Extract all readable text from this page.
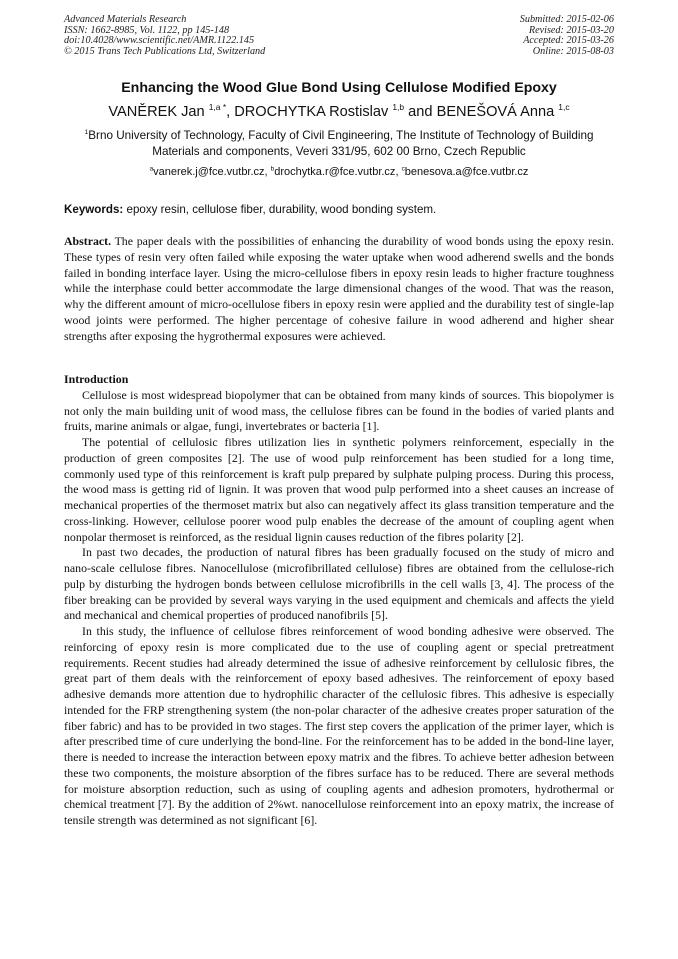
Advanced Materials Research
ISSN: 1662-8985, Vol. 1122, pp 145-148
doi:10.4028/www.scientific.net/AMR.1122.145
© 2015 Trans Tech Publications Ltd, Switzerland
Submitted: 2015-02-06
Revised: 2015-03-20
Accepted: 2015-03-26
Online: 2015-08-03
Enhancing the Wood Glue Bond Using Cellulose Modified Epoxy
VANĚREK Jan $^{1,a *}$, DROCHYTKA Rostislav $^{1,b}$ and BENEŠOVÁ Anna $^{1,c}$
$^1$Brno University of Technology, Faculty of Civil Engineering, The Institute of Technology of Building Materials and components, Veveri 331/95, 602 00 Brno, Czech Republic
$^a$vanerek.j@fce.vutbr.cz, $^b$drochytka.r@fce.vutbr.cz, $^c$benesova.a@fce.vutbr.cz
Keywords: epoxy resin, cellulose fiber, durability, wood bonding system.

Abstract. The paper deals with the possibilities of enhancing the durability of wood bonds using the epoxy resin. These types of resin very often failed while exposing the water uptake when wood adherend swells and the bonds failed in bonding interface layer. Using the micro-cellulose fibers in epoxy resin leads to higher fracture toughness while the interphase could better accommodate the large dimensional changes of the wood. That was the reason, why the different amount of micro-ocellulose fibers in epoxy resin were applied and the durability test of single-lap wood joints were performed. The higher percentage of cohesive failure in wood adherend and higher shear strengths after exposing the hygrothermal exposures were achieved.

Introduction

Cellulose is most widespread biopolymer that can be obtained from many kinds of sources. This biopolymer is not only the main building unit of wood mass, the cellulose fibres can be found in the bodies of varied plants and fruits, marine animals or algae, fungi, invertebrates or bacteria [1].

The potential of cellulosic fibres utilization lies in synthetic polymers reinforcement, especially in the production of green composites [2]. The use of wood pulp reinforcement has been studied for a long time, commonly used type of this reinforcement is kraft pulp prepared by sulphate pulping process. During this process, the wood mass is getting rid of lignin. It was proven that wood pulp performed into a sheet causes an increase of mechanical properties of the thermoset matrix but also can negatively affect its glass transition temperature and the cross-linking. However, cellulose poorer wood pulp enables the decrease of the amount of coupling agent when nonpolar thermoset is reinforced, as the residual lignin causes reduction of the fibres polarity [2].

In past two decades, the production of natural fibres has been gradually focused on the study of micro and nano-scale cellulose fibres. Nanocellulose (microfibrillated cellulose) fibres are obtained from the cellulose-rich pulp by disturbing the hydrogen bonds between cellulose microfibrills in the cell walls [3, 4]. The process of the fiber breaking can be provided by several ways varying in the used equipment and chemicals and affects the yield and mechanical and chemical properties of produced nanofibrils [5].

In this study, the influence of cellulose fibres reinforcement of wood bonding adhesive were observed. The reinforcing of epoxy resin is more complicated due to the use of coupling agent or special pretreatment requirements. Recent studies had already determined the issue of adhesive reinforcement by cellulosic fibres, the great part of them deals with the reinforcement of epoxy based adhesives. The reinforcement of epoxy based adhesive demands more attention due to hydrophilic character of the cellulosic fibres. This adhesive is especially intended for the FRP strengthening system (the non-polar character of the adhesive creates proper saturation of the fiber fabric) and has to be provided in two stages. The first step covers the application of the primer layer, which is after prescribed time of cure underlying the bond-line. For the reinforcement has to be added in the bond-line layer, there is needed to increase the interaction between epoxy matrix and the fibres. To achieve better adhesion between these two components, the moisture absorption of the fibres surface has to be reduced. There are several methods for moisture absorption reduction, such as using of coupling agents and adhesion promoters, hydrothermal or chemical treatment [7]. By the addition of 2%wt. nanocellulose reinforcement into an epoxy matrix, the increase of tensile strength was determined as not significant [6].
